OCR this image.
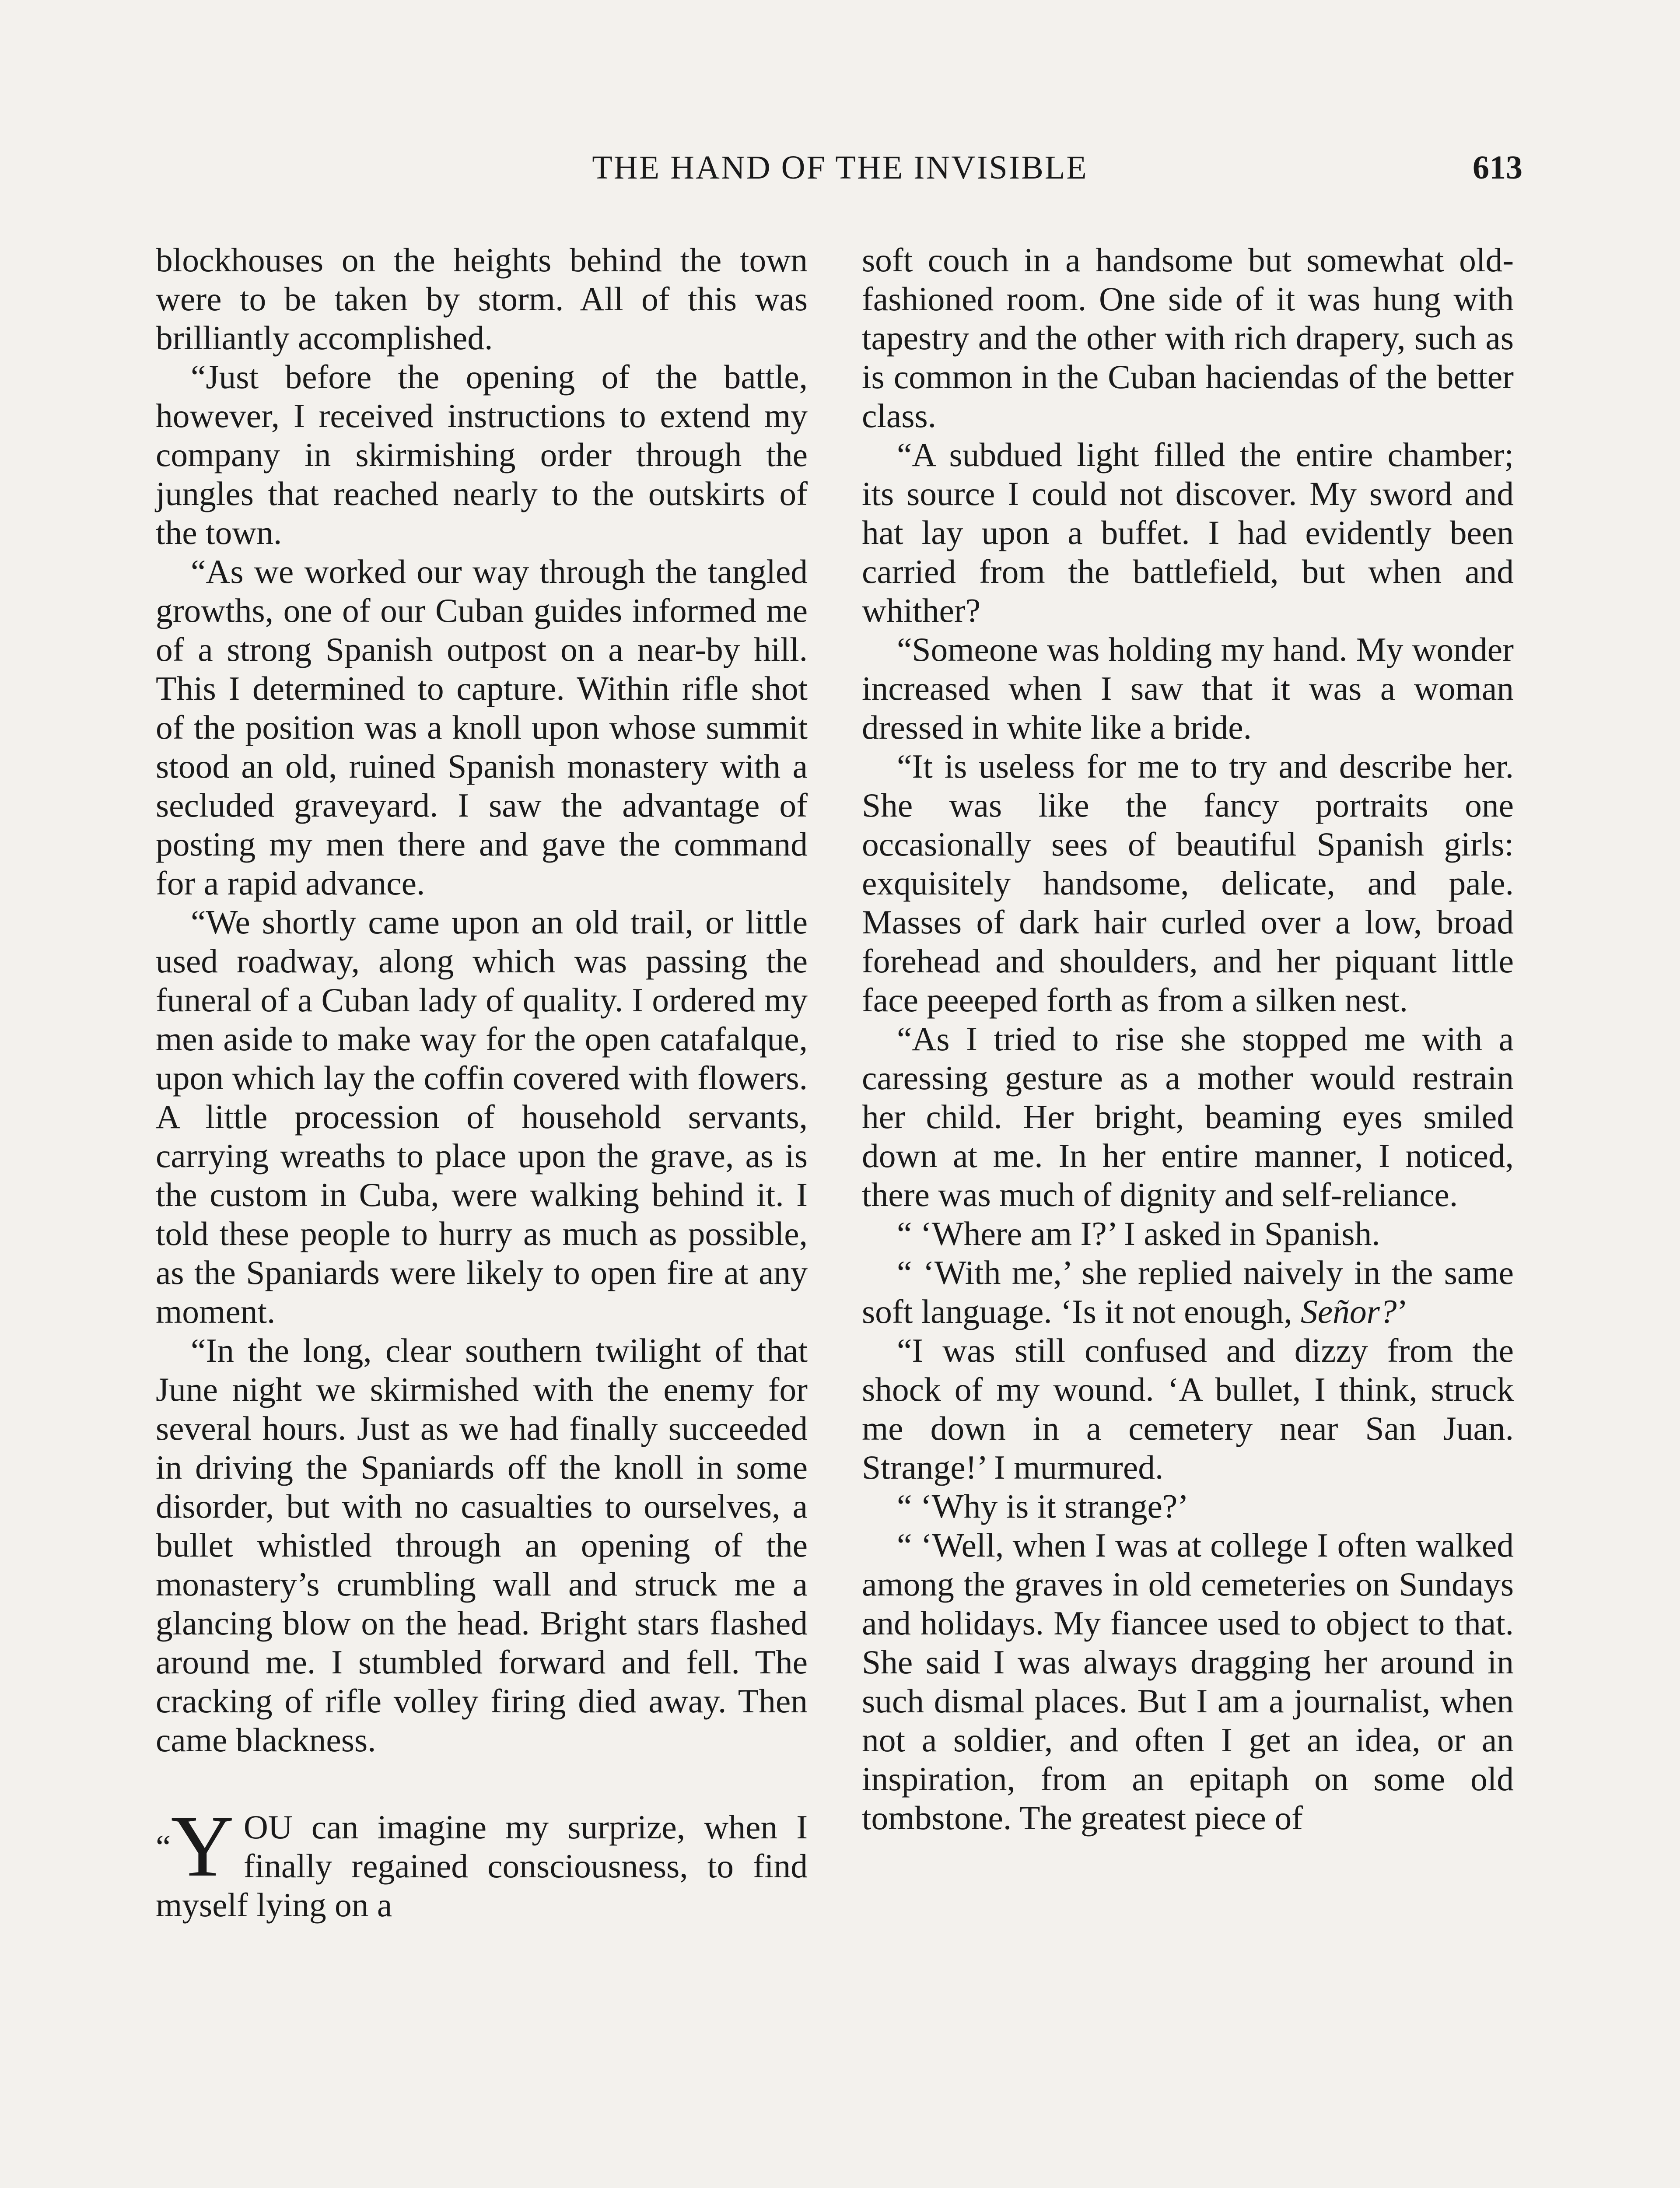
THE HAND OF THE INVISIBLE	613

blockhouses on the heights behind the town were to be taken by storm. All of this was brilliantly accomplished.

“Just before the opening of the battle, however, I received instructions to extend my company in skirmishing order through the jungles that reached nearly to the outskirts of the town.

“As we worked our way through the tangled growths, one of our Cuban guides informed me of a strong Spanish outpost on a near-by hill. This I determined to capture. Within rifle shot of the position was a knoll upon whose summit stood an old, ruined Spanish monastery with a secluded graveyard. I saw the advantage of posting my men there and gave the command for a rapid advance.

“We shortly came upon an old trail, or little used roadway, along which was passing the funeral of a Cuban lady of quality. I ordered my men aside to make way for the open catafalque, upon which lay the coffin covered with flowers. A little procession of household servants, carrying wreaths to place upon the grave, as is the custom in Cuba, were walking behind it. I told these people to hurry as much as possible, as the Spaniards were likely to open fire at any moment.

“In the long, clear southern twilight of that June night we skirmished with the enemy for several hours. Just as we had finally succeeded in driving the Spaniards off the knoll in some disorder, but with no casualties to ourselves, a bullet whistled through an opening of the monastery’s crumbling wall and struck me a glancing blow on the head. Bright stars flashed around me. I stumbled forward and fell. The cracking of rifle volley firing died away. Then came blackness.

“Y OU can imagine my surprize, when I finally regained consciousness, to find myself lying on a

soft couch in a handsome but somewhat old-fashioned room. One side of it was hung with tapestry and the other with rich drapery, such as is common in the Cuban haciendas of the better class.

“A subdued light filled the entire chamber; its source I could not discover. My sword and hat lay upon a buffet. I had evidently been carried from the battlefield, but when and whither?

“Someone was holding my hand. My wonder increased when I saw that it was a woman dressed in white like a bride.

“It is useless for me to try and describe her. She was like the fancy portraits one occasionally sees of beautiful Spanish girls: exquisitely handsome, delicate, and pale. Masses of dark hair curled over a low, broad forehead and shoulders, and her piquant little face peeeped forth as from a silken nest.

“As I tried to rise she stopped me with a caressing gesture as a mother would restrain her child. Her bright, beaming eyes smiled down at me. In her entire manner, I noticed, there was much of dignity and self-reliance.

“ ‘Where am I?’ I asked in Spanish.

“ ‘With me,’ she replied naively in the same soft language. ‘Is it not enough, Señor?’

“I was still confused and dizzy from the shock of my wound. ‘A bullet, I think, struck me down in a cemetery near San Juan. Strange!’ I murmured.

“ ‘Why is it strange?’

“ ‘Well, when I was at college I often walked among the graves in old cemeteries on Sundays and holidays. My fiancee used to object to that. She said I was always dragging her around in such dismal places. But I am a journalist, when not a soldier, and often I get an idea, or an inspiration, from an epitaph on some old tombstone. The greatest piece of
